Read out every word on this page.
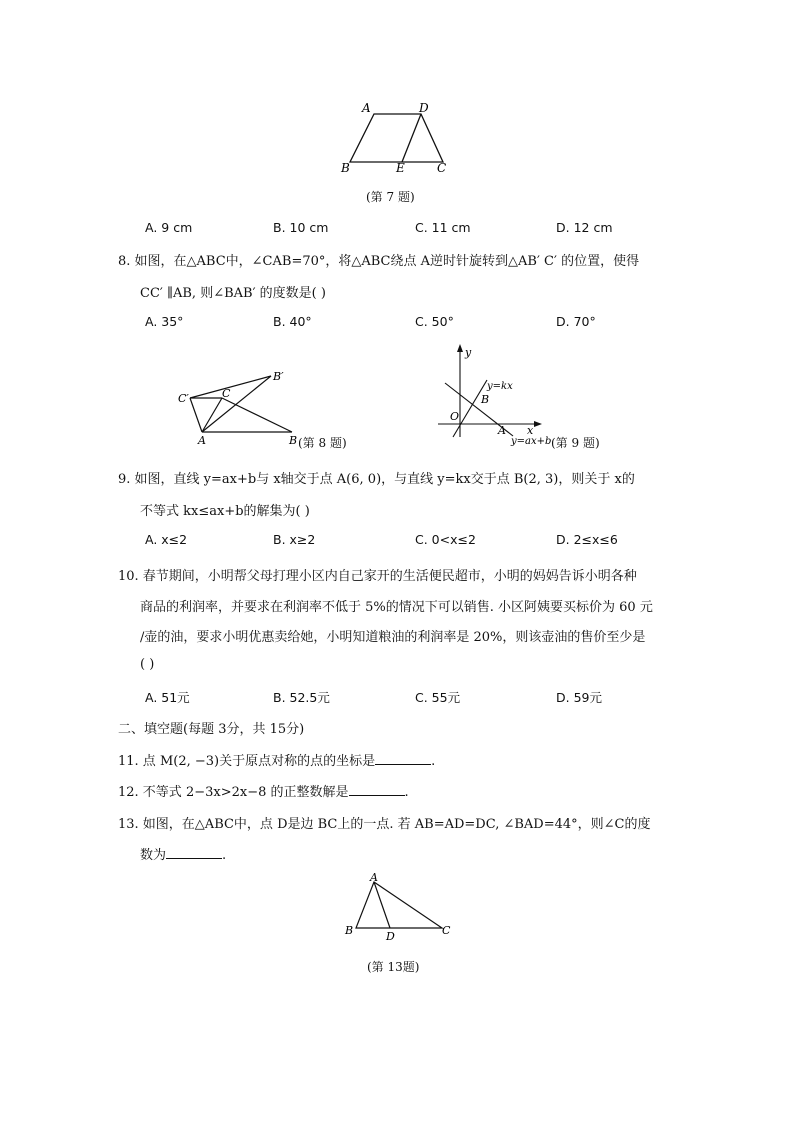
A	D
B	E	C
(第 7 题)
A. 9 cm	B. 10 cm	C. 11 cm	D. 12 cm
8. 如图，在△ABC中，∠CAB=70°，将△ABC绕点 A逆时针旋转到△AB′ C′ 的位置，使得
CC′ ∥AB, 则∠BAB′ 的度数是( )
A. 35°	B. 40°	C. 50°	D. 70°
B′
C′	C
A	B (第 8 题)
y
x
O
B
A
y=kx
y=ax+b (第 9 题)
9. 如图，直线 y=ax+b与 x轴交于点 A(6, 0)，与直线 y=kx交于点 B(2, 3)，则关于 x的
不等式 kx≤ax+b的解集为( )
A. x≤2	B. x≥2	C. 0<x≤2	D. 2≤x≤6
10. 春节期间，小明帮父母打理小区内自己家开的生活便民超市，小明的妈妈告诉小明各种
商品的利润率，并要求在利润率不低于 5%的情况下可以销售. 小区阿姨要买标价为 60 元
/壶的油，要求小明优惠卖给她，小明知道粮油的利润率是 20%，则该壶油的售价至少是
( )
A. 51元	B. 52.5元	C. 55元	D. 59元
二、填空题(每题 3分，共 15分)
11. 点 M(2, −3)关于原点对称的点的坐标是	.
12. 不等式 2−3x>2x−8 的正整数解是	.
13. 如图，在△ABC中，点 D是边 BC上的一点. 若 AB=AD=DC, ∠BAD=44°，则∠C的度
数为	.
A
B	D	C
(第 13题)
